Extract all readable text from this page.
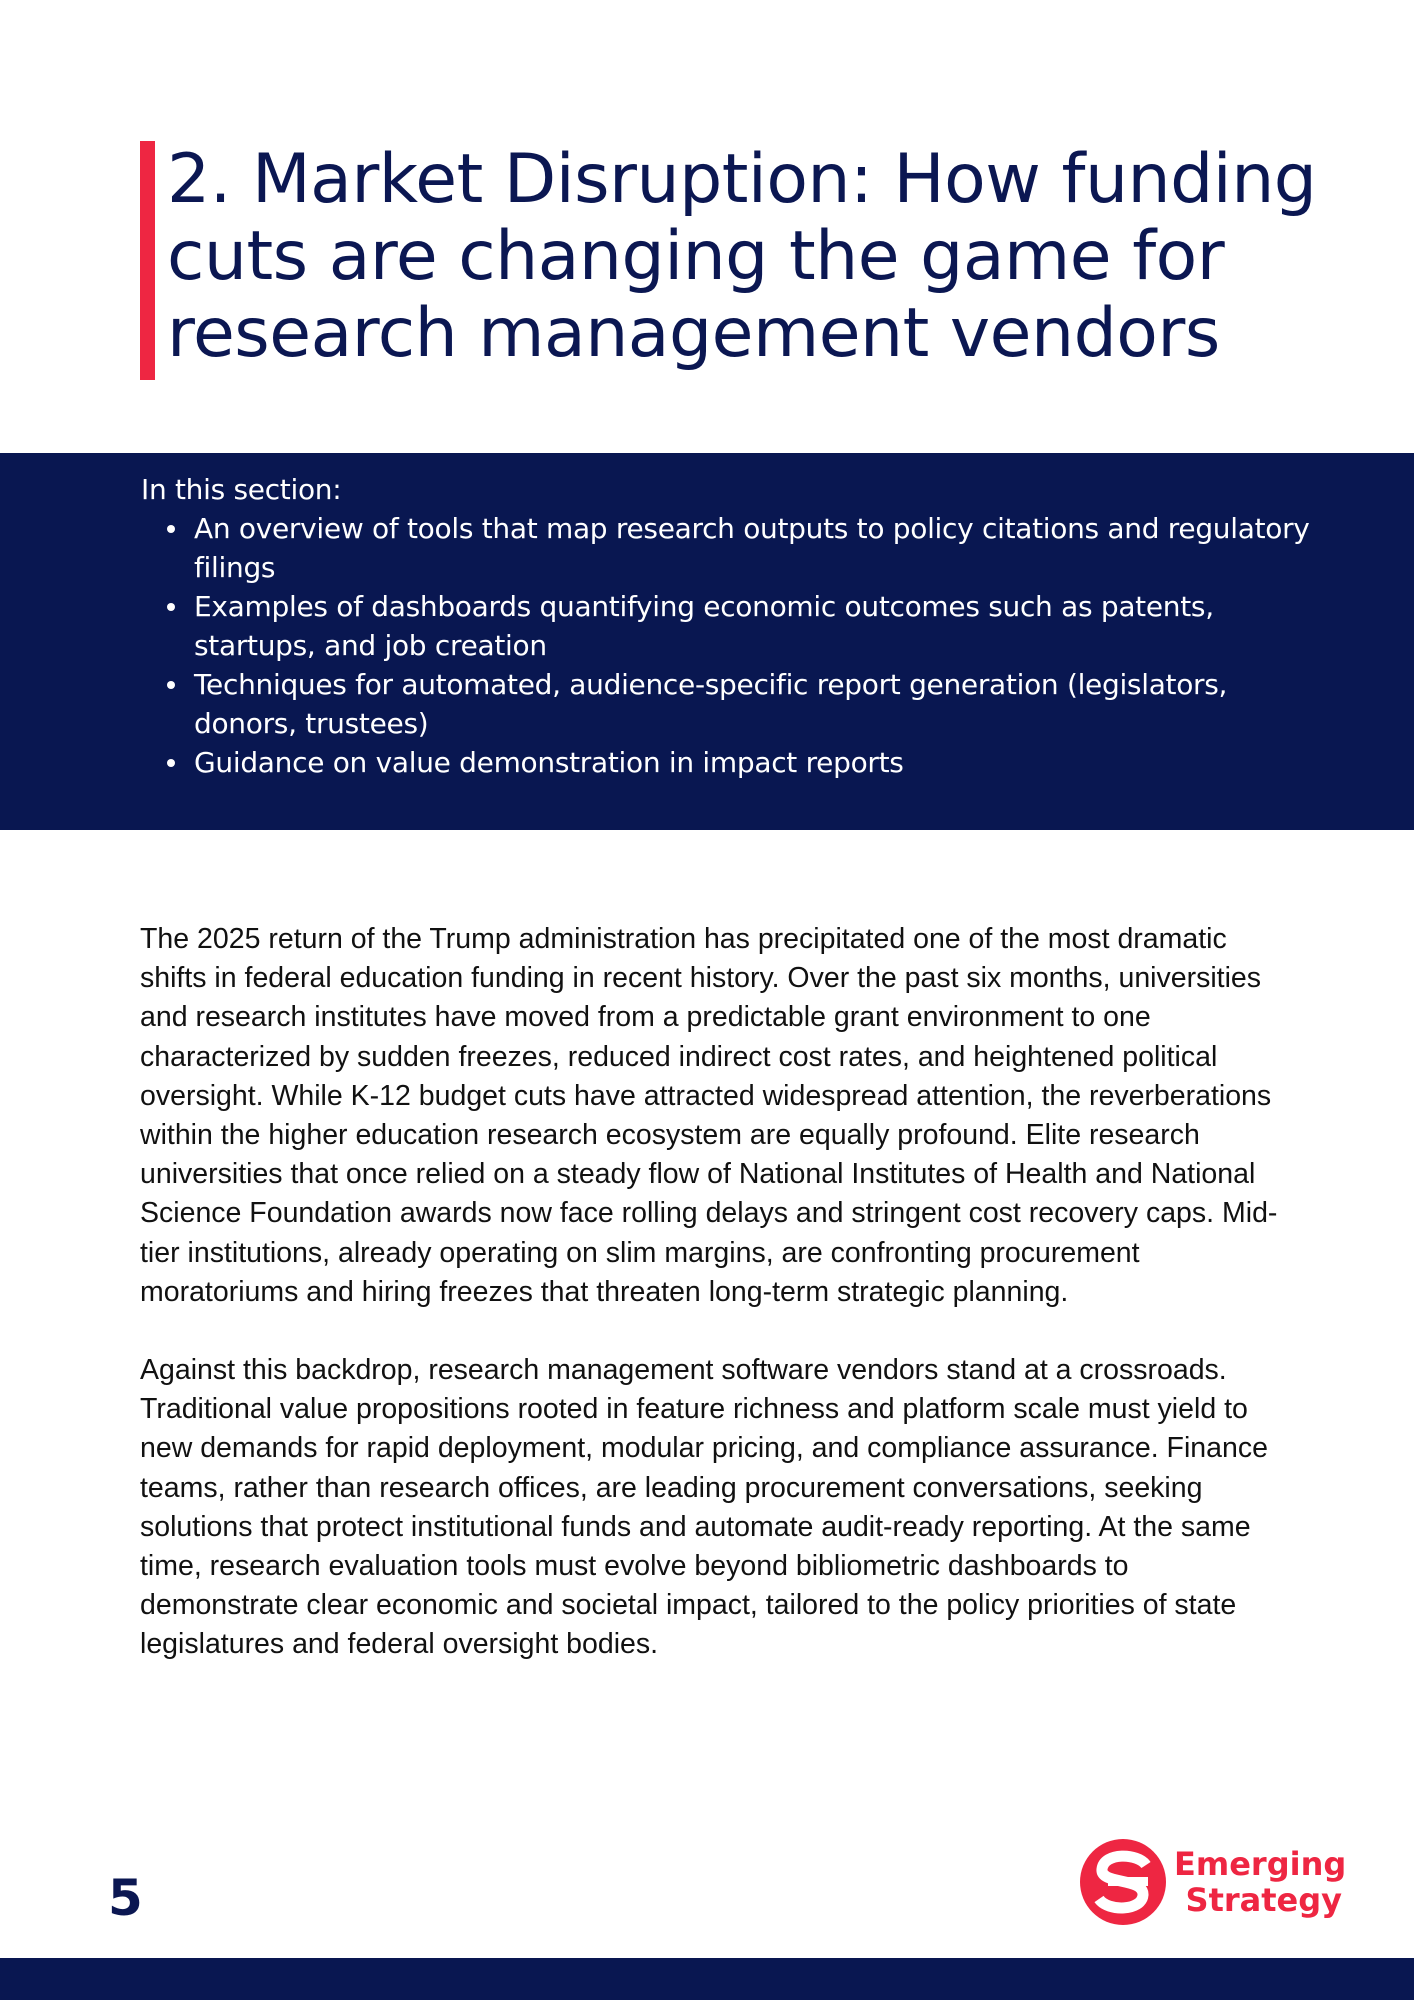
2. Market Disruption: How funding cuts are changing the game for research management vendors

In this section:

An overview of tools that map research outputs to policy citations and regulatory filings
Examples of dashboards quantifying economic outcomes such as patents, startups, and job creation
Techniques for automated, audience-specific report generation (legislators, donors, trustees)
Guidance on value demonstration in impact reports

The 2025 return of the Trump administration has precipitated one of the most dramatic shifts in federal education funding in recent history. Over the past six months, universities and research institutes have moved from a predictable grant environment to one characterized by sudden freezes, reduced indirect cost rates, and heightened political oversight. While K-12 budget cuts have attracted widespread attention, the reverberations within the higher education research ecosystem are equally profound. Elite research universities that once relied on a steady flow of National Institutes of Health and National Science Foundation awards now face rolling delays and stringent cost recovery caps. Mid-tier institutions, already operating on slim margins, are confronting procurement moratoriums and hiring freezes that threaten long-term strategic planning.

Against this backdrop, research management software vendors stand at a crossroads. Traditional value propositions rooted in feature richness and platform scale must yield to new demands for rapid deployment, modular pricing, and compliance assurance. Finance teams, rather than research offices, are leading procurement conversations, seeking solutions that protect institutional funds and automate audit-ready reporting. At the same time, research evaluation tools must evolve beyond bibliometric dashboards to demonstrate clear economic and societal impact, tailored to the policy priorities of state legislatures and federal oversight bodies.

5
Emerging
Strategy
